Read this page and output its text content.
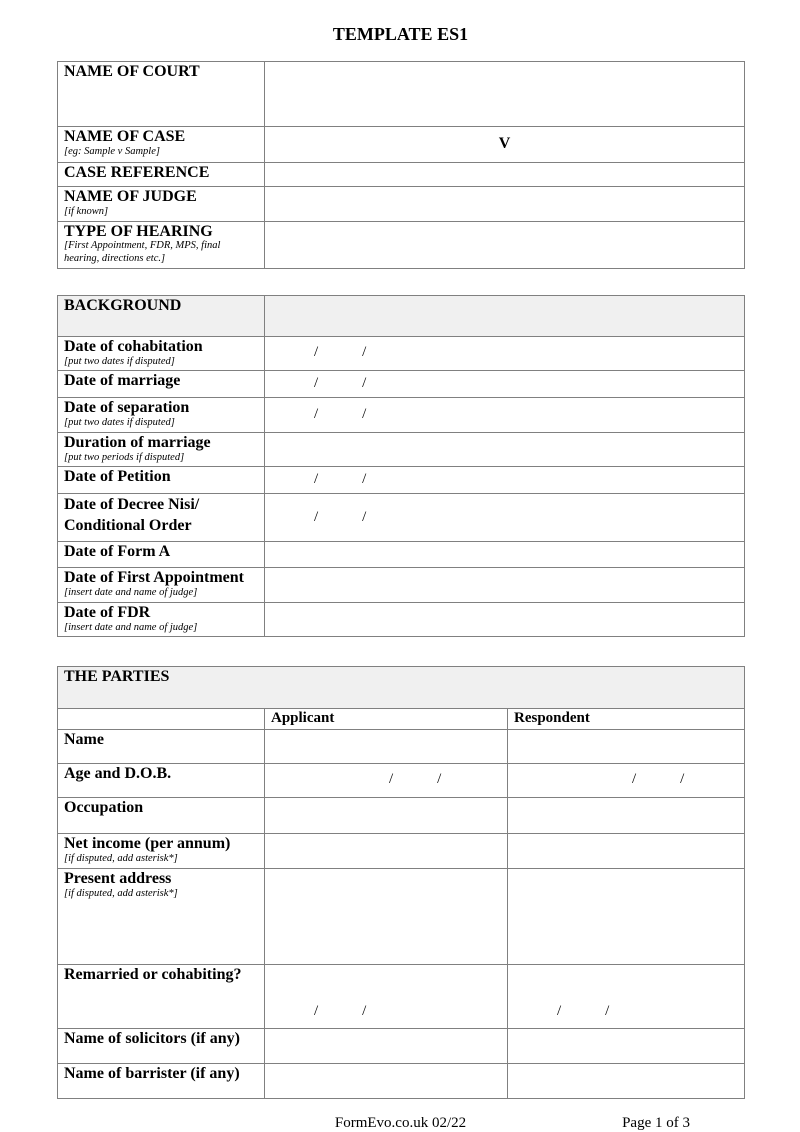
TEMPLATE ES1
NAME OF COURT	

NAME OF CASE
[eg: Sample v Sample]	V

CASE REFERENCE	

NAME OF JUDGE
[if known]	

TYPE OF HEARING
[First Appointment, FDR, MPS, final hearing, directions etc.]	

BACKGROUND	

Date of cohabitation
[put two dates if disputed]	/ /

Date of marriage	/ /

Date of separation
[put two dates if disputed]	/ /

Duration of marriage
[put two periods if disputed]	

Date of Petition	/ /

Date of Decree Nisi/ Conditional Order	/ /

Date of Form A	

Date of First Appointment
[insert date and name of judge]	

Date of FDR
[insert date and name of judge]	

THE PARTIES		

	Applicant	Respondent

Name		

Age and D.O.B.	/ /	/ /

Occupation		

Net income (per annum)
[if disputed, add asterisk*]		

Present address
[if disputed, add asterisk*]		

Remarried or cohabiting?	/ /	/ /

Name of solicitors (if any)		

Name of barrister (if any)		

FormEvo.co.uk 02/22	Page 1 of 3
